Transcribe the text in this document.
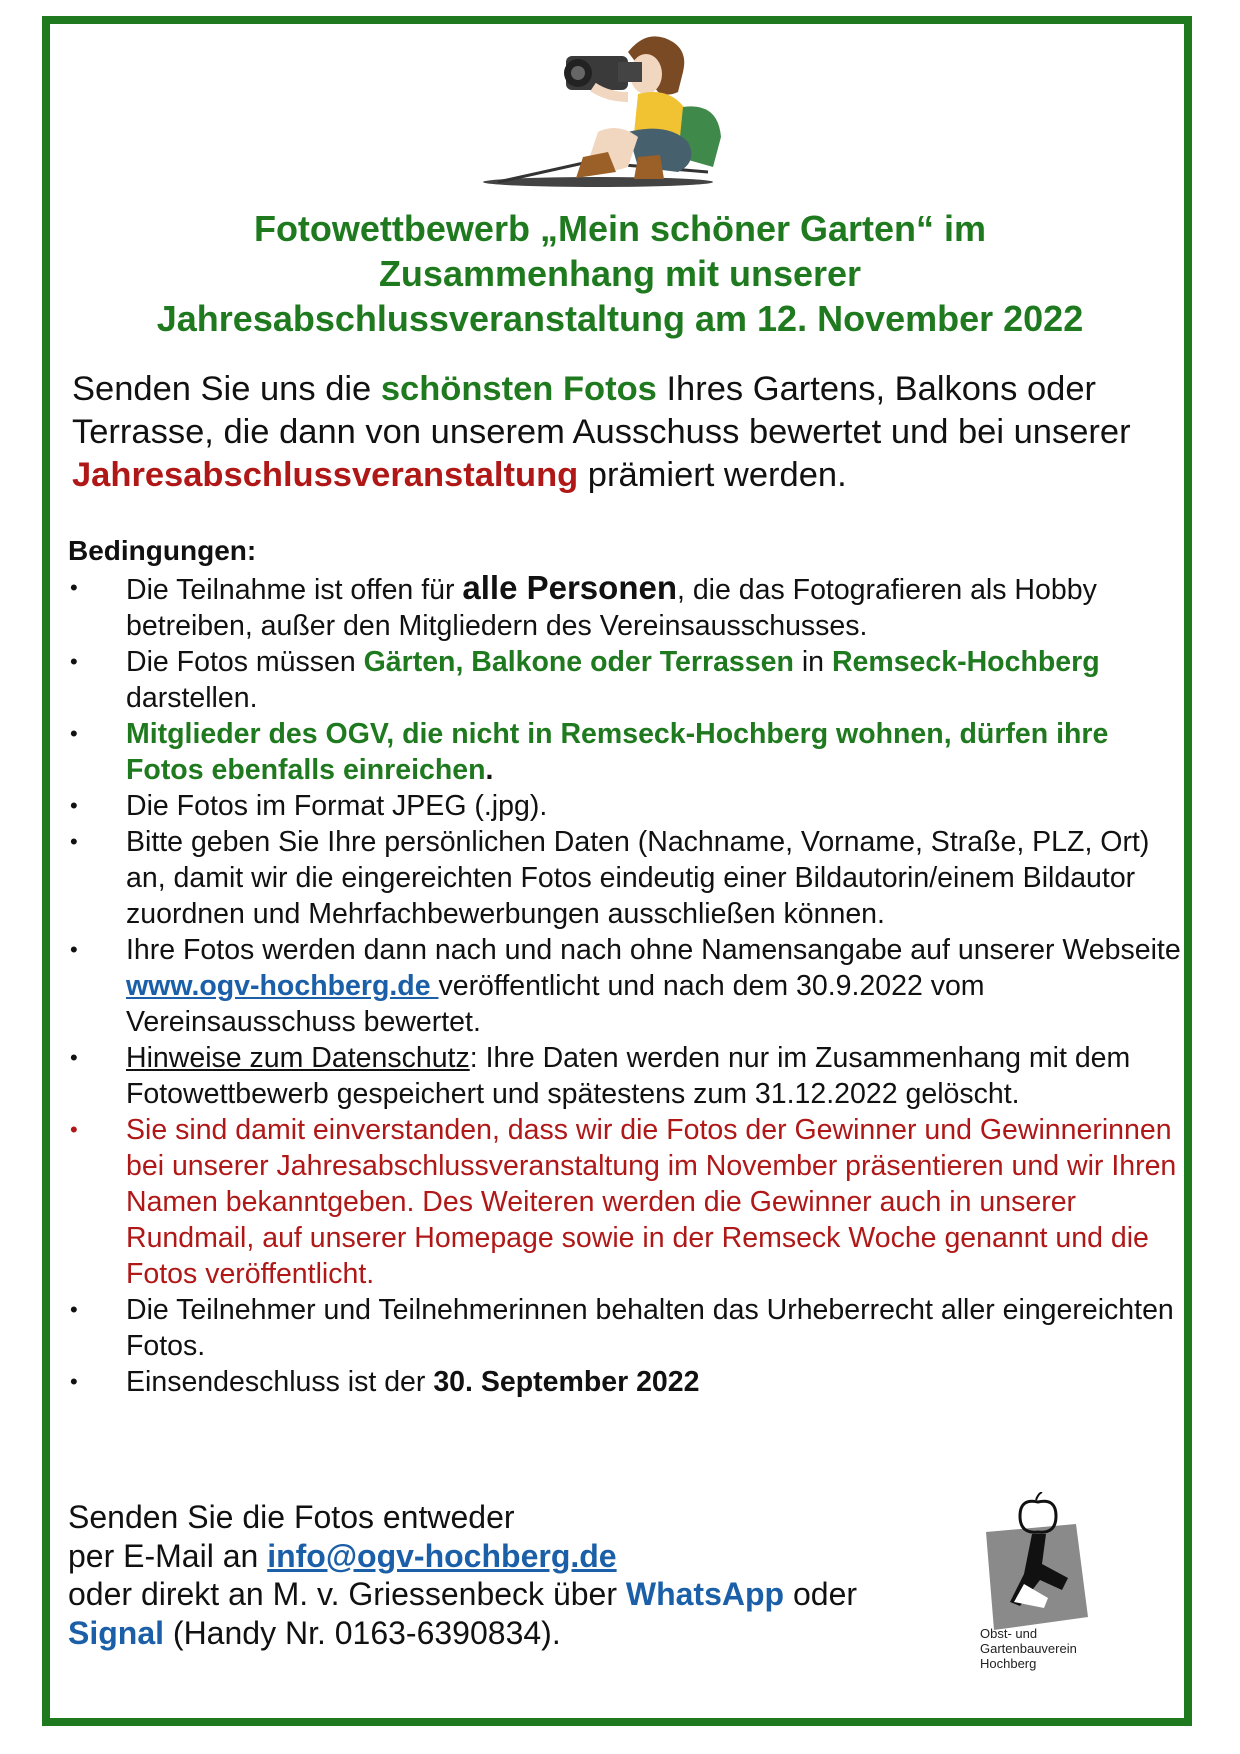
Fotowettbewerb „Mein schöner Garten“ im
Zusammenhang mit unserer
Jahresabschlussveranstaltung am 12. November 2022
Senden Sie uns die schönsten Fotos Ihres Gartens, Balkons oder Terrasse, die dann von unserem Ausschuss bewertet und bei unserer Jahresabschlussveranstaltung prämiert werden.
Bedingungen:
• Die Teilnahme ist offen für alle Personen, die das Fotografieren als Hobby betreiben, außer den Mitgliedern des Vereinsausschusses.
• Die Fotos müssen Gärten, Balkone oder Terrassen in Remseck-Hochberg darstellen.
• Mitglieder des OGV, die nicht in Remseck-Hochberg wohnen, dürfen ihre Fotos ebenfalls einreichen.
• Die Fotos im Format JPEG (.jpg).
• Bitte geben Sie Ihre persönlichen Daten (Nachname, Vorname, Straße, PLZ, Ort) an, damit wir die eingereichten Fotos eindeutig einer Bildautorin/einem Bildautor zuordnen und Mehrfachbewerbungen ausschließen können.
• Ihre Fotos werden dann nach und nach ohne Namensangabe auf unserer Webseite www.ogv-hochberg.de veröffentlicht und nach dem 30.9.2022 vom Vereinsausschuss bewertet.
• Hinweise zum Datenschutz: Ihre Daten werden nur im Zusammenhang mit dem Fotowettbewerb gespeichert und spätestens zum 31.12.2022 gelöscht.
• Sie sind damit einverstanden, dass wir die Fotos der Gewinner und Gewinnerinnen bei unserer Jahresabschlussveranstaltung im November präsentieren und wir Ihren Namen bekanntgeben. Des Weiteren werden die Gewinner auch in unserer Rundmail, auf unserer Homepage sowie in der Remseck Woche genannt und die Fotos veröffentlicht.
• Die Teilnehmer und Teilnehmerinnen behalten das Urheberrecht aller eingereichten Fotos.
• Einsendeschluss ist der 30. September 2022
Senden Sie die Fotos entweder
per E-Mail an info@ogv-hochberg.de
oder direkt an M. v. Griessenbeck über WhatsApp oder
Signal (Handy Nr. 0163-6390834).	Obst- und
Gartenbauverein
Hochberg
